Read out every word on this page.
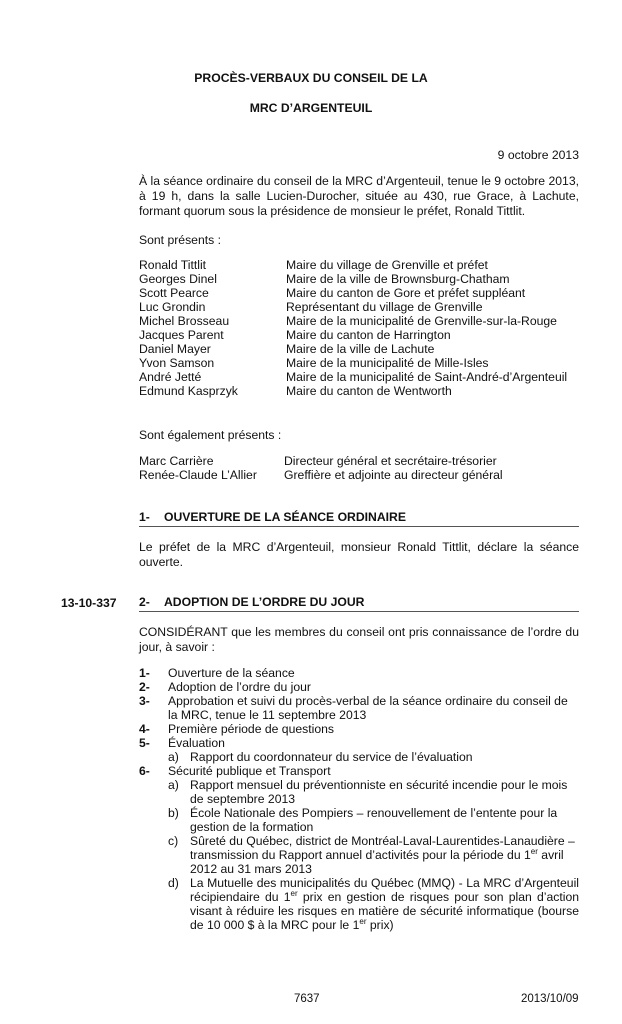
PROCÈS-VERBAUX DU CONSEIL DE LA
MRC D’ARGENTEUIL
9 octobre 2013
À la séance ordinaire du conseil de la MRC d’Argenteuil, tenue le 9 octobre 2013, à 19 h, dans la salle Lucien-Durocher, située au 430, rue Grace, à Lachute, formant quorum sous la présidence de monsieur le préfet, Ronald Tittlit.
Sont présents :
Ronald Tittlit	Maire du village de Grenville et préfet
Georges Dinel	Maire de la ville de Brownsburg-Chatham
Scott Pearce	Maire du canton de Gore et préfet suppléant
Luc Grondin	Représentant du village de Grenville
Michel Brosseau	Maire de la municipalité de Grenville-sur-la-Rouge
Jacques Parent	Maire du canton de Harrington
Daniel Mayer	Maire de la ville de Lachute
Yvon Samson	Maire de la municipalité de Mille-Isles
André Jetté	Maire de la municipalité de Saint-André-d’Argenteuil
Edmund Kasprzyk	Maire du canton de Wentworth
Sont également présents :
Marc Carrière	Directeur général et secrétaire-trésorier
Renée-Claude L’Allier Greffière et adjointe au directeur général
1- OUVERTURE DE LA SÉANCE ORDINAIRE
Le préfet de la MRC d’Argenteuil, monsieur Ronald Tittlit, déclare la séance ouverte.
13-10-337 2- ADOPTION DE L’ORDRE DU JOUR
CONSIDÉRANT que les membres du conseil ont pris connaissance de l’ordre du jour, à savoir :
1- Ouverture de la séance
2- Adoption de l’ordre du jour
3- Approbation et suivi du procès-verbal de la séance ordinaire du conseil de la MRC, tenue le 11 septembre 2013
4- Première période de questions
5- Évaluation
a) Rapport du coordonnateur du service de l’évaluation
6- Sécurité publique et Transport
a) Rapport mensuel du préventionniste en sécurité incendie pour le mois de septembre 2013
b) École Nationale des Pompiers – renouvellement de l’entente pour la gestion de la formation
c) Sûreté du Québec, district de Montréal-Laval-Laurentides-Lanaudière – transmission du Rapport annuel d’activités pour la période du 1er avril 2012 au 31 mars 2013
d) La Mutuelle des municipalités du Québec (MMQ) - La MRC d’Argenteuil récipiendaire du 1er prix en gestion de risques pour son plan d’action visant à réduire les risques en matière de sécurité informatique (bourse de 10 000 $ à la MRC pour le 1er prix)
7637	2013/10/09
